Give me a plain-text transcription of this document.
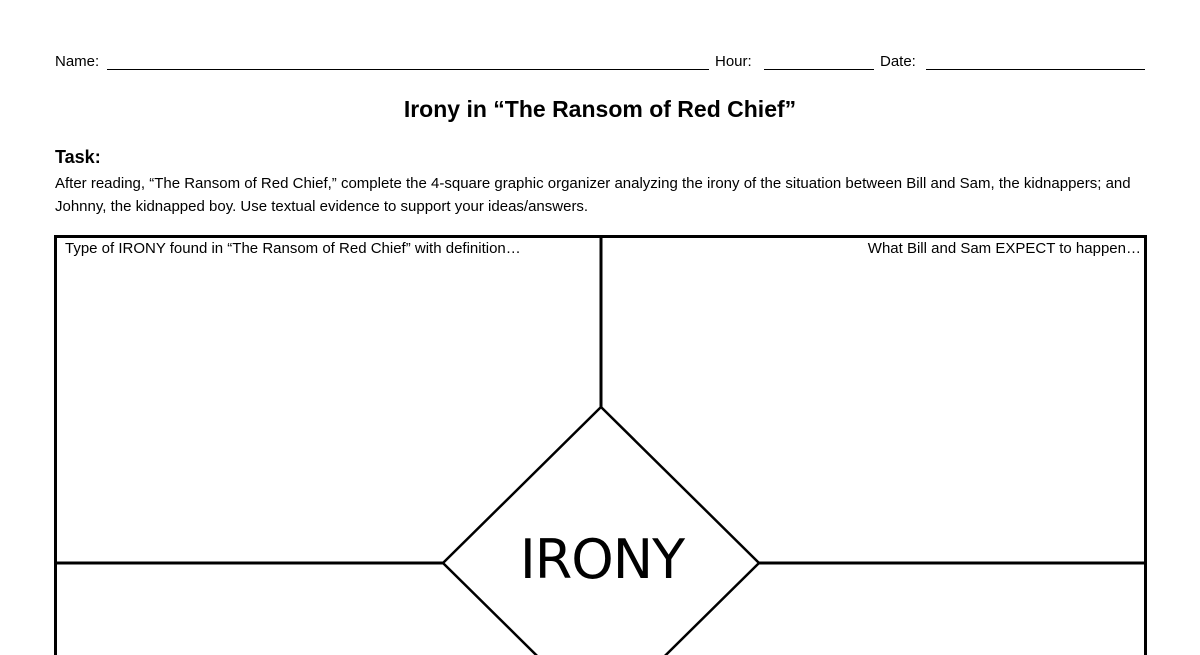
Name:	Hour:	Date:
Irony in “The Ransom of Red Chief”
Task:
After reading, “The Ransom of Red Chief,” complete the 4-square graphic organizer analyzing the irony of the situation between Bill and Sam, the kidnappers; and Johnny, the kidnapped boy. Use textual evidence to support your ideas/answers.
Type of IRONY found in “The Ransom of Red Chief” with definition…	What Bill and Sam EXPECT to happen…
IRONY
